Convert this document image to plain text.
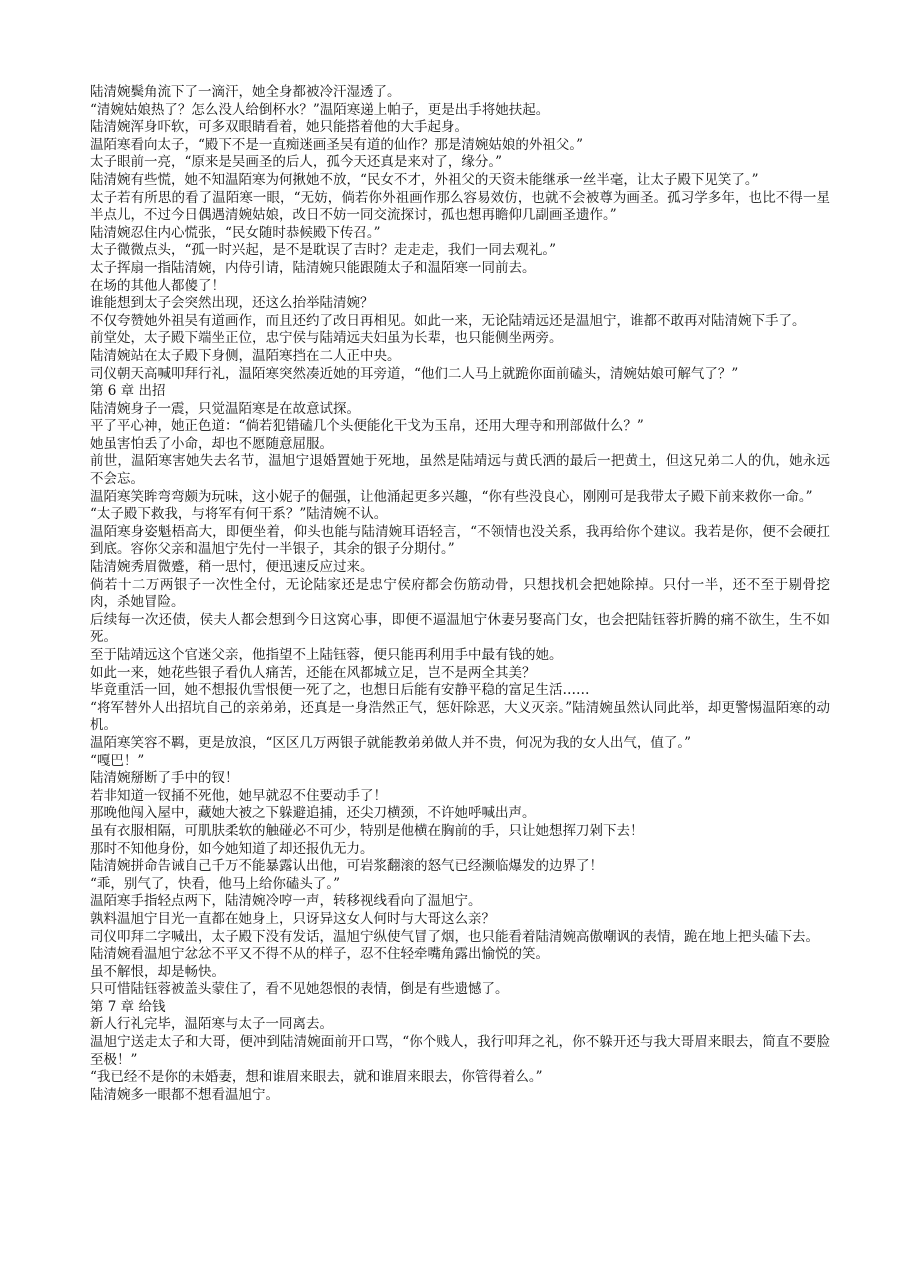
陆清婉鬓角流下了一滴汗，她全身都被冷汗湿透了。

“清婉姑娘热了？怎么没人给倒杯水？”温陌寒递上帕子，更是出手将她扶起。

陆清婉浑身吓软，可多双眼睛看着，她只能搭着他的大手起身。

温陌寒看向太子，“殿下不是一直痴迷画圣吴有道的仙作？那是清婉姑娘的外祖父。”

太子眼前一亮，“原来是吴画圣的后人，孤今天还真是来对了，缘分。”

陆清婉有些慌，她不知温陌寒为何揪她不放，“民女不才，外祖父的天资未能继承一丝半毫，让太子殿下见笑了。”

太子若有所思的看了温陌寒一眼，“无妨，倘若你外祖画作那么容易效仿，也就不会被尊为画圣。孤习学多年，也比不得一星半点儿，不过今日偶遇清婉姑娘，改日不妨一同交流探讨，孤也想再瞻仰几副画圣遗作。”

陆清婉忍住内心慌张，“民女随时恭候殿下传召。”

太子微微点头，“孤一时兴起，是不是耽误了吉时？走走走，我们一同去观礼。”

太子挥扇一指陆清婉，内侍引请，陆清婉只能跟随太子和温陌寒一同前去。

在场的其他人都傻了！

谁能想到太子会突然出现，还这么抬举陆清婉？

不仅夸赞她外祖吴有道画作，而且还约了改日再相见。如此一来，无论陆靖远还是温旭宁，谁都不敢再对陆清婉下手了。

前堂处，太子殿下端坐正位，忠宁侯与陆靖远夫妇虽为长辈，也只能侧坐两旁。

陆清婉站在太子殿下身侧，温陌寒挡在二人正中央。

司仪朝天高喊叩拜行礼，温陌寒突然凑近她的耳旁道，“他们二人马上就跪你面前磕头，清婉姑娘可解气了？”

第 6 章 出招

陆清婉身子一震，只觉温陌寒是在故意试探。

平了平心神，她正色道：“倘若犯错磕几个头便能化干戈为玉帛，还用大理寺和刑部做什么？”

她虽害怕丢了小命，却也不愿随意屈服。

前世，温陌寒害她失去名节，温旭宁退婚置她于死地，虽然是陆靖远与黄氏洒的最后一把黄土，但这兄弟二人的仇，她永远不会忘。

温陌寒笑眸弯弯颇为玩味，这小妮子的倔强，让他涌起更多兴趣，“你有些没良心，刚刚可是我带太子殿下前来救你一命。”

“太子殿下救我，与将军有何干系？”陆清婉不认。

温陌寒身姿魁梧高大，即便坐着，仰头也能与陆清婉耳语轻言，“不领情也没关系，我再给你个建议。我若是你，便不会硬扛到底。容你父亲和温旭宁先付一半银子，其余的银子分期付。”

陆清婉秀眉微蹙，稍一思忖，便迅速反应过来。

倘若十二万两银子一次性全付，无论陆家还是忠宁侯府都会伤筋动骨，只想找机会把她除掉。只付一半，还不至于剔骨挖肉，杀她冒险。

后续每一次还债，侯夫人都会想到今日这窝心事，即便不逼温旭宁休妻另娶高门女，也会把陆钰蓉折腾的痛不欲生，生不如死。

至于陆靖远这个官迷父亲，他指望不上陆钰蓉，便只能再利用手中最有钱的她。

如此一来，她花些银子看仇人痛苦，还能在风都城立足，岂不是两全其美？

毕竟重活一回，她不想报仇雪恨便一死了之，也想日后能有安静平稳的富足生活……

“将军替外人出招坑自己的亲弟弟，还真是一身浩然正气，惩奸除恶，大义灭亲。”陆清婉虽然认同此举，却更警惕温陌寒的动机。

温陌寒笑容不羁，更是放浪，“区区几万两银子就能教弟弟做人并不贵，何况为我的女人出气，值了。”

“嘎巴！”

陆清婉掰断了手中的钗！

若非知道一钗捅不死他，她早就忍不住要动手了！

那晚他闯入屋中，藏她大被之下躲避追捕，还尖刀横颈，不许她呼喊出声。

虽有衣服相隔，可肌肤柔软的触碰必不可少，特别是他横在胸前的手，只让她想挥刀剁下去！

那时不知他身份，如今她知道了却还报仇无力。

陆清婉拼命告诫自己千万不能暴露认出他，可岩浆翻滚的怒气已经濒临爆发的边界了！

“乖，别气了，快看，他马上给你磕头了。”

温陌寒手指轻点两下，陆清婉冷哼一声，转移视线看向了温旭宁。

孰料温旭宁目光一直都在她身上，只讶异这女人何时与大哥这么亲？

司仪叩拜二字喊出，太子殿下没有发话，温旭宁纵使气冒了烟，也只能看着陆清婉高傲嘲讽的表情，跪在地上把头磕下去。

陆清婉看温旭宁忿忿不平又不得不从的样子，忍不住轻牵嘴角露出愉悦的笑。

虽不解恨，却是畅快。

只可惜陆钰蓉被盖头蒙住了，看不见她怨恨的表情，倒是有些遗憾了。

第 7 章 给钱

新人行礼完毕，温陌寒与太子一同离去。

温旭宁送走太子和大哥，便冲到陆清婉面前开口骂，“你个贱人，我行叩拜之礼，你不躲开还与我大哥眉来眼去，简直不要脸至极！”

“我已经不是你的未婚妻，想和谁眉来眼去，就和谁眉来眼去，你管得着么。”

陆清婉多一眼都不想看温旭宁。
